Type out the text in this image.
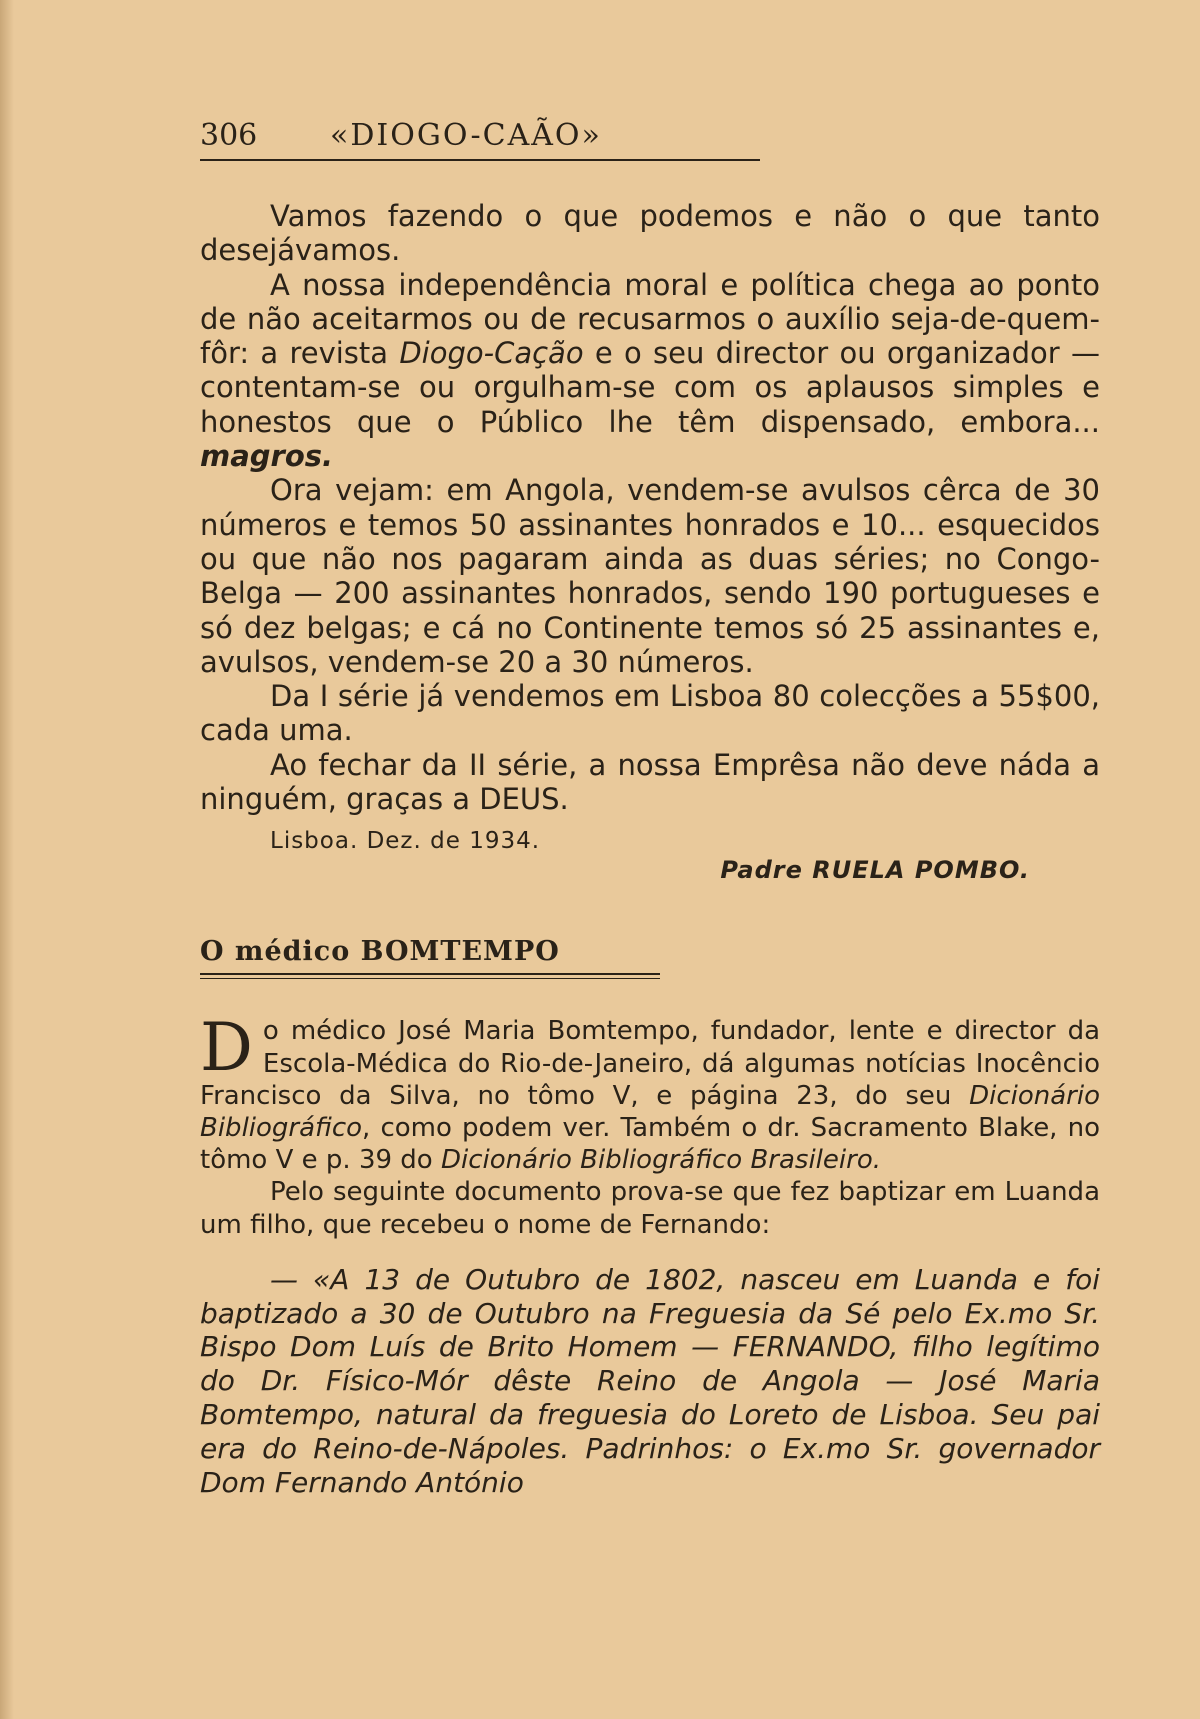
306	«DIOGO-CAÃO»

Vamos fazendo o que podemos e não o que tanto desejávamos.

A nossa independência moral e política chega ao ponto de não aceitarmos ou de recusarmos o auxílio seja-de-quem-fôr: a revista Diogo-Cação e o seu director ou organizador — contentam-se ou orgulham-se com os aplausos simples e honestos que o Público lhe têm dispensado, embora... magros.

Ora vejam: em Angola, vendem-se avulsos cêrca de 30 números e temos 50 assinantes honrados e 10... esquecidos ou que não nos pagaram ainda as duas séries; no Congo-Belga — 200 assinantes honrados, sendo 190 portugueses e só dez belgas; e cá no Continente temos só 25 assinantes e, avulsos, vendem-se 20 a 30 números.

Da I série já vendemos em Lisboa 80 colecções a 55$00, cada uma.

Ao fechar da II série, a nossa Emprêsa não deve náda a ninguém, graças a DEUS.

Lisboa. Dez. de 1934.
Padre RUELA POMBO.
O médico BOMTEMPO

Do médico José Maria Bomtempo, fundador, lente e director da Escola-Médica do Rio-de-Janeiro, dá algumas notícias Inocêncio Francisco da Silva, no tômo V, e página 23, do seu Dicionário Bibliográfico, como podem ver. Também o dr. Sacramento Blake, no tômo V e p. 39 do Dicionário Bibliográfico Brasileiro.

Pelo seguinte documento prova-se que fez baptizar em Luanda um filho, que recebeu o nome de Fernando:

— «A 13 de Outubro de 1802, nasceu em Luanda e foi baptizado a 30 de Outubro na Freguesia da Sé pelo Ex.mo Sr. Bispo Dom Luís de Brito Homem — FERNANDO, filho legítimo do Dr. Físico-Mór dêste Reino de Angola — José Maria Bomtempo, natural da freguesia do Loreto de Lisboa. Seu pai era do Reino-de-Nápoles. Padrinhos: o Ex.mo Sr. governador Dom Fernando António
